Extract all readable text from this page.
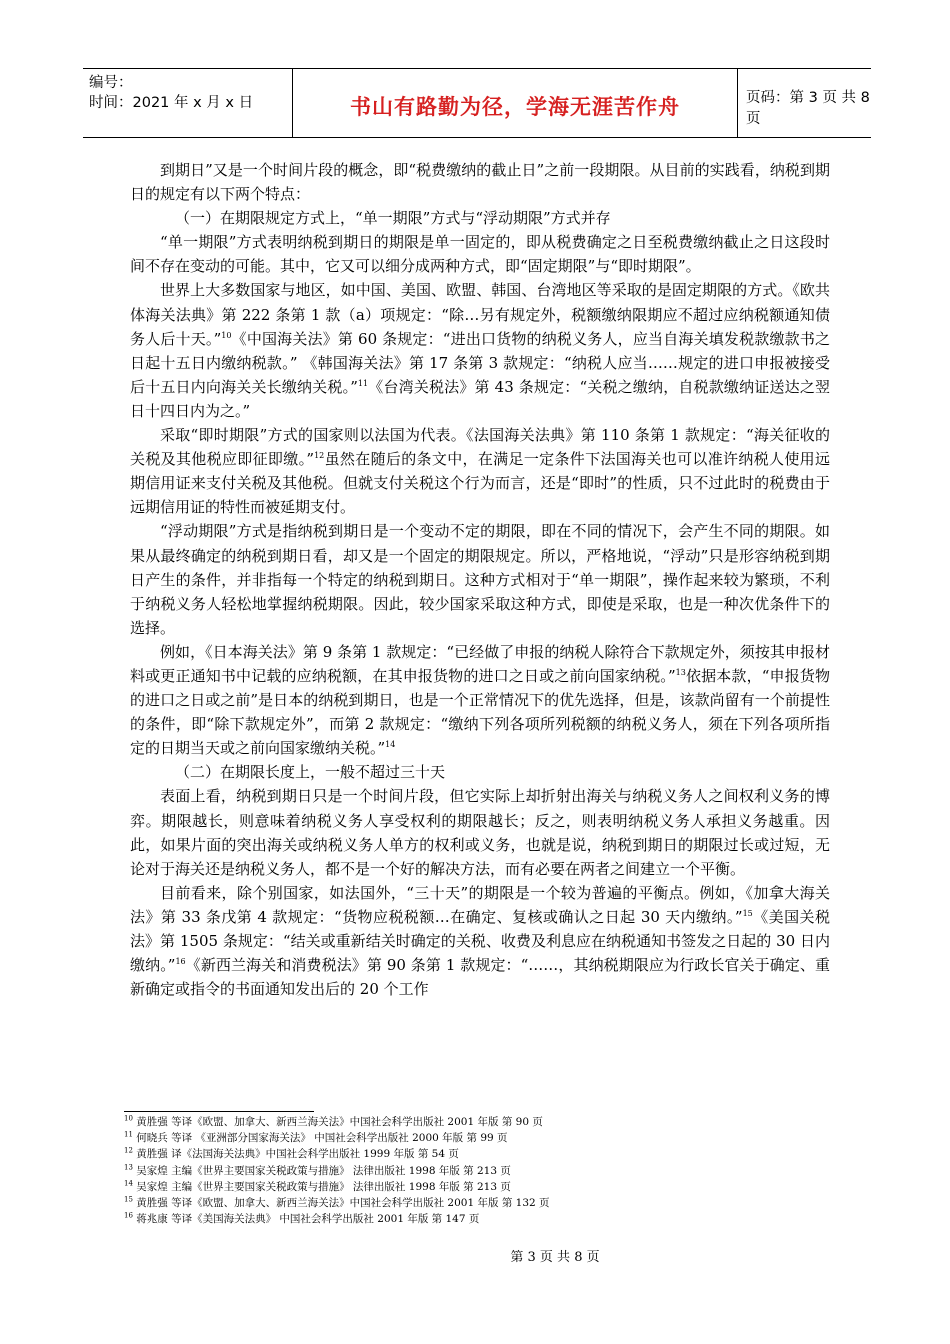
编号：
时间：2021 年 x 月 x 日	书山有路勤为径，学海无涯苦作舟	页码：第 3 页 共 8 页

到期日”又是一个时间片段的概念，即“税费缴纳的截止日”之前一段期限。从目前的实践看，纳税到期日的规定有以下两个特点：

（一）在期限规定方式上，“单一期限”方式与“浮动期限”方式并存

“单一期限”方式表明纳税到期日的期限是单一固定的，即从税费确定之日至税费缴纳截止之日这段时间不存在变动的可能。其中，它又可以细分成两种方式，即“固定期限”与“即时期限”。

世界上大多数国家与地区，如中国、美国、欧盟、韩国、台湾地区等采取的是固定期限的方式。《欧共体海关法典》第 222 条第 1 款（a）项规定：“除…另有规定外，税额缴纳限期应不超过应纳税额通知债务人后十天。”$^{10}$《中国海关法》第 60 条规定：“进出口货物的纳税义务人，应当自海关填发税款缴款书之日起十五日内缴纳税款。” 《韩国海关法》第 17 条第 3 款规定：“纳税人应当……规定的进口申报被接受后十五日内向海关关长缴纳关税。”$^{11}$《台湾关税法》第 43 条规定：“关税之缴纳，自税款缴纳证送达之翌日十四日内为之。”

采取“即时期限”方式的国家则以法国为代表。《法国海关法典》第 110 条第 1 款规定：“海关征收的关税及其他税应即征即缴。”$^{12}$虽然在随后的条文中，在满足一定条件下法国海关也可以准许纳税人使用远期信用证来支付关税及其他税。但就支付关税这个行为而言，还是“即时”的性质，只不过此时的税费由于远期信用证的特性而被延期支付。

“浮动期限”方式是指纳税到期日是一个变动不定的期限，即在不同的情况下，会产生不同的期限。如果从最终确定的纳税到期日看，却又是一个固定的期限规定。所以，严格地说，“浮动”只是形容纳税到期日产生的条件，并非指每一个特定的纳税到期日。这种方式相对于“单一期限”，操作起来较为繁琐，不利于纳税义务人轻松地掌握纳税期限。因此，较少国家采取这种方式，即使是采取，也是一种次优条件下的选择。

例如，《日本海关法》第 9 条第 1 款规定：“已经做了申报的纳税人除符合下款规定外，须按其申报材料或更正通知书中记载的应纳税额，在其申报货物的进口之日或之前向国家纳税。”$^{13}$依据本款，“申报货物的进口之日或之前”是日本的纳税到期日，也是一个正常情况下的优先选择，但是，该款尚留有一个前提性的条件，即“除下款规定外”，而第 2 款规定：“缴纳下列各项所列税额的纳税义务人，须在下列各项所指定的日期当天或之前向国家缴纳关税。”$^{14}$

（二）在期限长度上，一般不超过三十天

表面上看，纳税到期日只是一个时间片段，但它实际上却折射出海关与纳税义务人之间权利义务的博弈。期限越长，则意味着纳税义务人享受权利的期限越长；反之，则表明纳税义务人承担义务越重。因此，如果片面的突出海关或纳税义务人单方的权利或义务，也就是说，纳税到期日的期限过长或过短，无论对于海关还是纳税义务人，都不是一个好的解决方法，而有必要在两者之间建立一个平衡。

目前看来，除个别国家，如法国外，“三十天”的期限是一个较为普遍的平衡点。例如，《加拿大海关法》第 33 条戊第 4 款规定：“货物应税税额…在确定、复核或确认之日起 30 天内缴纳。”$^{15}$《美国关税法》第 1505 条规定：“结关或重新结关时确定的关税、收费及利息应在纳税通知书签发之日起的 30 日内缴纳。”$^{16}$《新西兰海关和消费税法》第 90 条第 1 款规定：“……，其纳税期限应为行政长官关于确定、重新确定或指令的书面通知发出后的 20 个工作

$^{10}$ 黄胜强 等译《欧盟、加拿大、新西兰海关法》中国社会科学出版社 2001 年版 第 90 页
$^{11}$ 何晓兵 等译 《亚洲部分国家海关法》 中国社会科学出版社 2000 年版 第 99 页
$^{12}$ 黄胜强 译《法国海关法典》中国社会科学出版社 1999 年版 第 54 页
$^{13}$ 吴家煌 主编《世界主要国家关税政策与措施》 法律出版社 1998 年版 第 213 页
$^{14}$ 吴家煌 主编《世界主要国家关税政策与措施》 法律出版社 1998 年版 第 213 页
$^{15}$ 黄胜强 等译《欧盟、加拿大、新西兰海关法》中国社会科学出版社 2001 年版 第 132 页
$^{16}$ 蒋兆康 等译《美国海关法典》 中国社会科学出版社 2001 年版 第 147 页
第 3 页 共 8 页
